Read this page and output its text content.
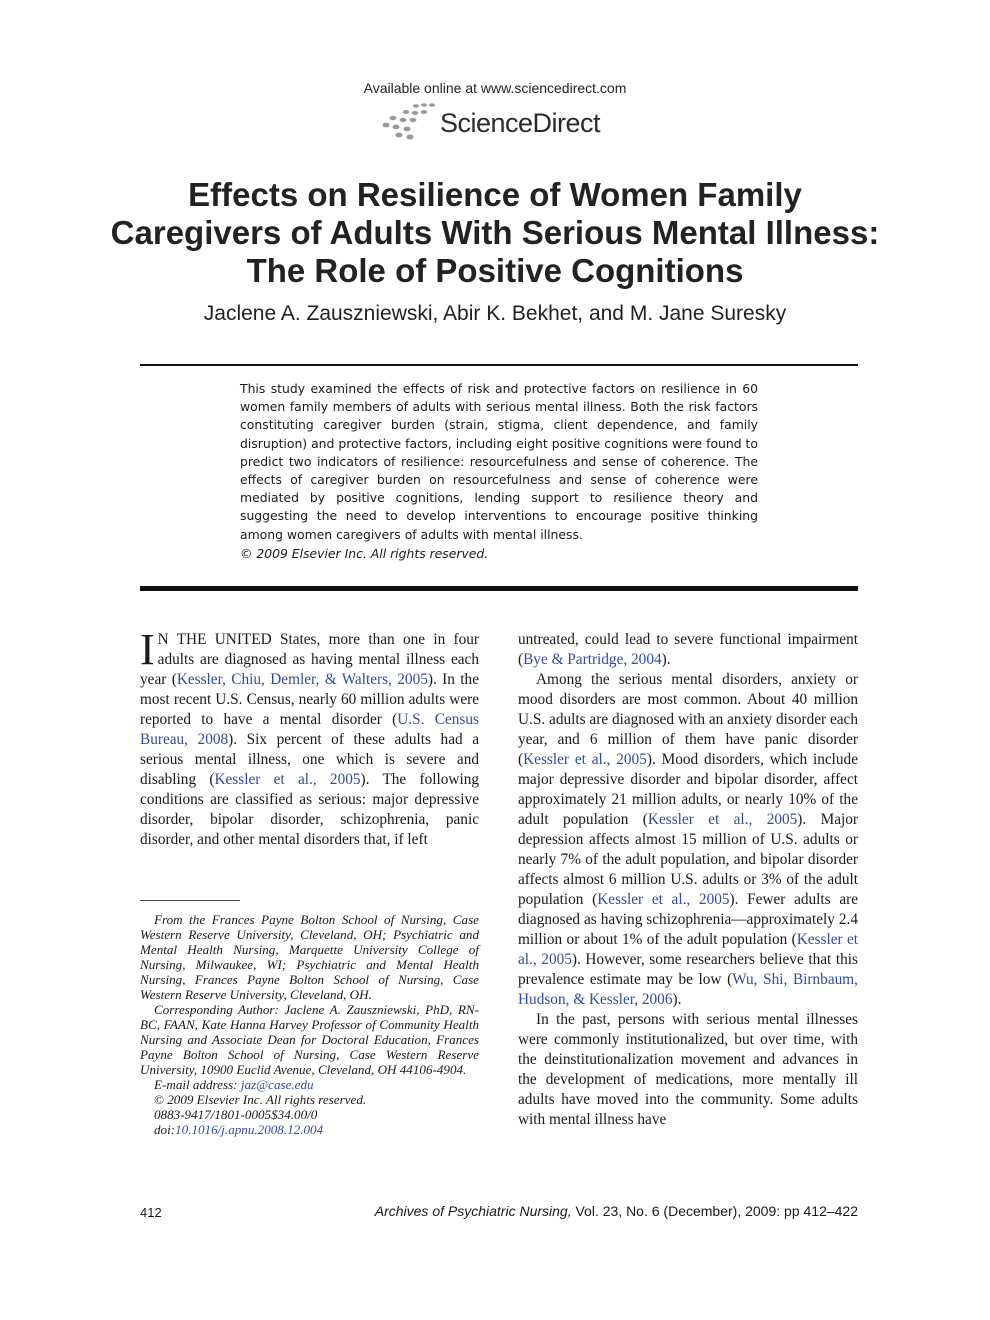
Available online at www.sciencedirect.com
ScienceDirect
Effects on Resilience of Women Family Caregivers of Adults With Serious Mental Illness: The Role of Positive Cognitions
Jaclene A. Zauszniewski, Abir K. Bekhet, and M. Jane Suresky

This study examined the effects of risk and protective factors on resilience in 60 women family members of adults with serious mental illness. Both the risk factors constituting caregiver burden (strain, stigma, client dependence, and family disruption) and protective factors, including eight positive cognitions were found to predict two indicators of resilience: resourcefulness and sense of coherence. The effects of caregiver burden on resourcefulness and sense of coherence were mediated by positive cognitions, lending support to resilience theory and suggesting the need to develop interventions to encourage positive thinking among women caregivers of adults with mental illness.

© 2009 Elsevier Inc. All rights reserved.

I N THE UNITED States, more than one in four adults are diagnosed as having mental illness each year (Kessler, Chiu, Demler, & Walters, 2005). In the most recent U.S. Census, nearly 60 million adults were reported to have a mental disorder (U.S. Census Bureau, 2008). Six percent of these adults had a serious mental illness, one which is severe and disabling (Kessler et al., 2005). The following conditions are classified as serious: major depressive disorder, bipolar disorder, schizophrenia, panic disorder, and other mental disorders that, if left

From the Frances Payne Bolton School of Nursing, Case Western Reserve University, Cleveland, OH; Psychiatric and Mental Health Nursing, Marquette University College of Nursing, Milwaukee, WI; Psychiatric and Mental Health Nursing, Frances Payne Bolton School of Nursing, Case Western Reserve University, Cleveland, OH.

Corresponding Author: Jaclene A. Zauszniewski, PhD, RN-BC, FAAN, Kate Hanna Harvey Professor of Community Health Nursing and Associate Dean for Doctoral Education, Frances Payne Bolton School of Nursing, Case Western Reserve University, 10900 Euclid Avenue, Cleveland, OH 44106-4904.

E-mail address: jaz@case.edu

© 2009 Elsevier Inc. All rights reserved.

0883-9417/1801-0005$34.00/0

doi:10.1016/j.apnu.2008.12.004

untreated, could lead to severe functional impairment (Bye & Partridge, 2004).

Among the serious mental disorders, anxiety or mood disorders are most common. About 40 million U.S. adults are diagnosed with an anxiety disorder each year, and 6 million of them have panic disorder (Kessler et al., 2005). Mood disorders, which include major depressive disorder and bipolar disorder, affect approximately 21 million adults, or nearly 10% of the adult population (Kessler et al., 2005). Major depression affects almost 15 million of U.S. adults or nearly 7% of the adult population, and bipolar disorder affects almost 6 million U.S. adults or 3% of the adult population (Kessler et al., 2005). Fewer adults are diagnosed as having schizophrenia—approximately 2.4 million or about 1% of the adult population (Kessler et al., 2005). However, some researchers believe that this prevalence estimate may be low (Wu, Shi, Birnbaum, Hudson, & Kessler, 2006).

In the past, persons with serious mental illnesses were commonly institutionalized, but over time, with the deinstitutionalization movement and advances in the development of medications, more mentally ill adults have moved into the community. Some adults with mental illness have

412	Archives of Psychiatric Nursing, Vol. 23, No. 6 (December), 2009: pp 412–422
